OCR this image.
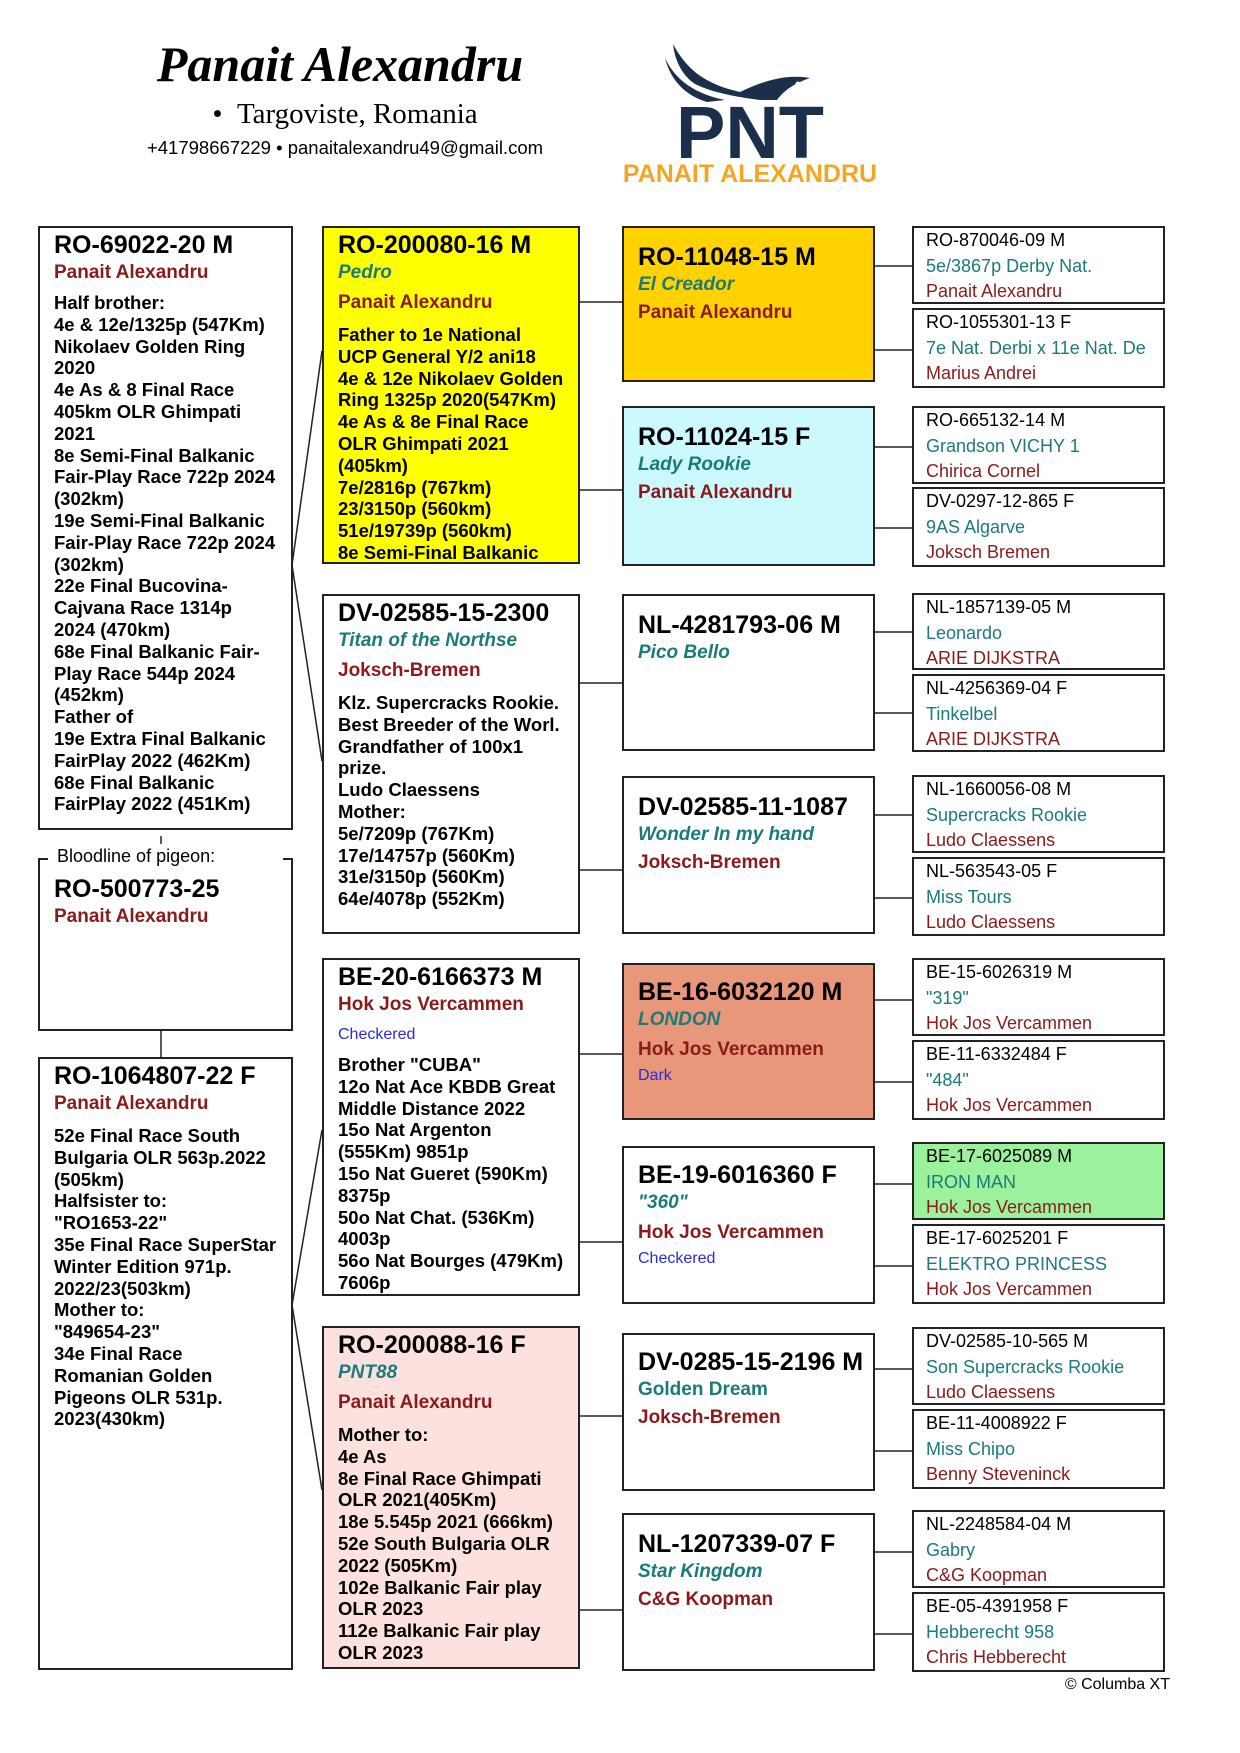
Panait Alexandru
•  Targoviste, Romania
+41798667229 • panaitalexandru49@gmail.com	PNT
PANAIT ALEXANDRU
RO-69022-20 M
Panait Alexandru
Half brother:
4e & 12e/1325p (547Km) Nikolaev Golden Ring 2020
4e As & 8 Final Race 405km OLR Ghimpati 2021
8e Semi-Final Balkanic Fair-Play Race 722p 2024 (302km)
19e Semi-Final Balkanic Fair-Play Race 722p 2024 (302km)
22e Final Bucovina-Cajvana Race 1314p 2024 (470km)
68e Final Balkanic Fair-Play Race 544p 2024 (452km)
Father of
19e Extra Final Balkanic FairPlay 2022 (462Km)
68e Final Balkanic FairPlay 2022 (451Km)
RO-500773-25
Panait Alexandru
Bloodline of pigeon:
RO-1064807-22 F
Panait Alexandru
52e Final Race South Bulgaria OLR 563p.2022 (505km)
Halfsister to:
"RO1653-22"
35e Final Race SuperStar Winter Edition 971p. 2022/23(503km)
Mother to:
"849654-23"
34e Final Race Romanian Golden Pigeons OLR 531p. 2023(430km)
RO-200080-16 M
Pedro
Panait Alexandru
Father to 1e National UCP General Y/2 ani18
4e & 12e Nikolaev Golden Ring 1325p 2020(547Km)
4e As & 8e Final Race OLR Ghimpati 2021 (405km)
7e/2816p (767km)
23/3150p (560km)
51e/19739p (560km)
8e Semi-Final Balkanic
DV-02585-15-2300
Titan of the Northse
Joksch-Bremen
Klz. Supercracks Rookie. Best Breeder of the Worl. Grandfather of 100x1 prize.
Ludo Claessens
Mother:
5e/7209p (767Km)
17e/14757p (560Km)
31e/3150p (560Km)
64e/4078p (552Km)
BE-20-6166373 M
Hok Jos Vercammen
Checkered
Brother "CUBA"
12o Nat Ace KBDB Great Middle Distance 2022
15o Nat Argenton (555Km) 9851p
15o Nat Gueret (590Km) 8375p
50o Nat Chat. (536Km) 4003p
56o Nat Bourges (479Km) 7606p
RO-200088-16 F
PNT88
Panait Alexandru
Mother to:
4e As
8e Final Race Ghimpati OLR 2021(405Km)
18e 5.545p 2021 (666km)
52e South Bulgaria OLR 2022 (505Km)
102e Balkanic Fair play OLR 2023
112e Balkanic Fair play OLR 2023
RO-11048-15 M
El Creador
Panait Alexandru
RO-11024-15 F
Lady Rookie
Panait Alexandru
NL-4281793-06 M
Pico Bello
DV-02585-11-1087
Wonder In my hand
Joksch-Bremen
BE-16-6032120 M
LONDON
Hok Jos Vercammen
Dark
BE-19-6016360 F
"360"
Hok Jos Vercammen
Checkered
DV-0285-15-2196 M
Golden Dream
Joksch-Bremen
NL-1207339-07 F
Star Kingdom
C&G Koopman
RO-870046-09 M
5e/3867p Derby Nat.
Panait Alexandru
RO-1055301-13 F
7e Nat. Derbi x 11e Nat. De
Marius Andrei
RO-665132-14 M
Grandson VICHY 1
Chirica Cornel
DV-0297-12-865 F
9AS Algarve
Joksch Bremen
NL-1857139-05 M
Leonardo
ARIE DIJKSTRA
NL-4256369-04 F
Tinkelbel
ARIE DIJKSTRA
NL-1660056-08 M
Supercracks Rookie
Ludo Claessens
NL-563543-05 F
Miss Tours
Ludo Claessens
BE-15-6026319 M
"319"
Hok Jos Vercammen
BE-11-6332484 F
"484"
Hok Jos Vercammen
BE-17-6025089 M
IRON MAN
Hok Jos Vercammen
BE-17-6025201 F
ELEKTRO PRINCESS
Hok Jos Vercammen
DV-02585-10-565 M
Son Supercracks Rookie
Ludo Claessens
BE-11-4008922 F
Miss Chipo
Benny Steveninck
NL-2248584-04 M
Gabry
C&G Koopman
BE-05-4391958 F
Hebberecht 958
Chris Hebberecht
© Columba XT
